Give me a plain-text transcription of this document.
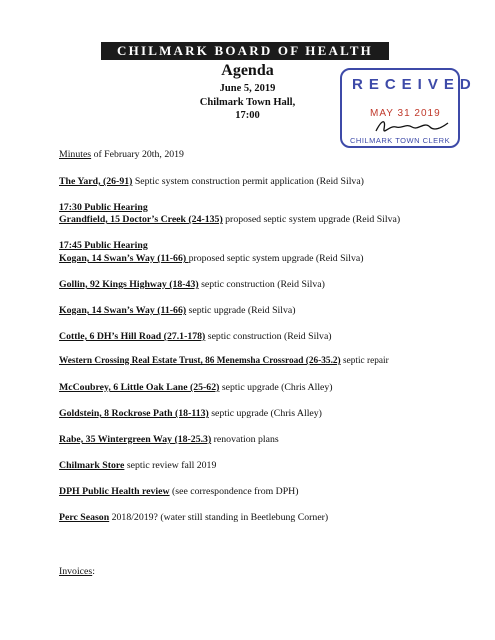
CHILMARK BOARD OF HEALTH
Agenda
June 5, 2019
Chilmark Town Hall,
17:00
RECEIVED
MAY 31 2019
CHILMARK TOWN CLERK
Minutes of February 20th, 2019
The Yard, (26-91) Septic system construction permit application (Reid Silva)
17:30 Public Hearing
Grandfield, 15 Doctor’s Creek (24-135) proposed septic system upgrade (Reid Silva)
17:45 Public Hearing
Kogan, 14 Swan’s Way (11-66) proposed septic system upgrade (Reid Silva)
Gollin, 92 Kings Highway (18-43) septic construction (Reid Silva)
Kogan, 14 Swan’s Way (11-66) septic upgrade (Reid Silva)
Cottle, 6 DH’s Hill Road (27.1-178) septic construction (Reid Silva)
Western Crossing Real Estate Trust, 86 Menemsha Crossroad (26-35.2) septic repair
McCoubrey, 6 Little Oak Lane (25-62) septic upgrade (Chris Alley)
Goldstein, 8 Rockrose Path (18-113) septic upgrade (Chris Alley)
Rabe, 35 Wintergreen Way (18-25.3) renovation plans
Chilmark Store septic review fall 2019
DPH Public Health review (see correspondence from DPH)
Perc Season 2018/2019? (water still standing in Beetlebung Corner)
Invoices:
